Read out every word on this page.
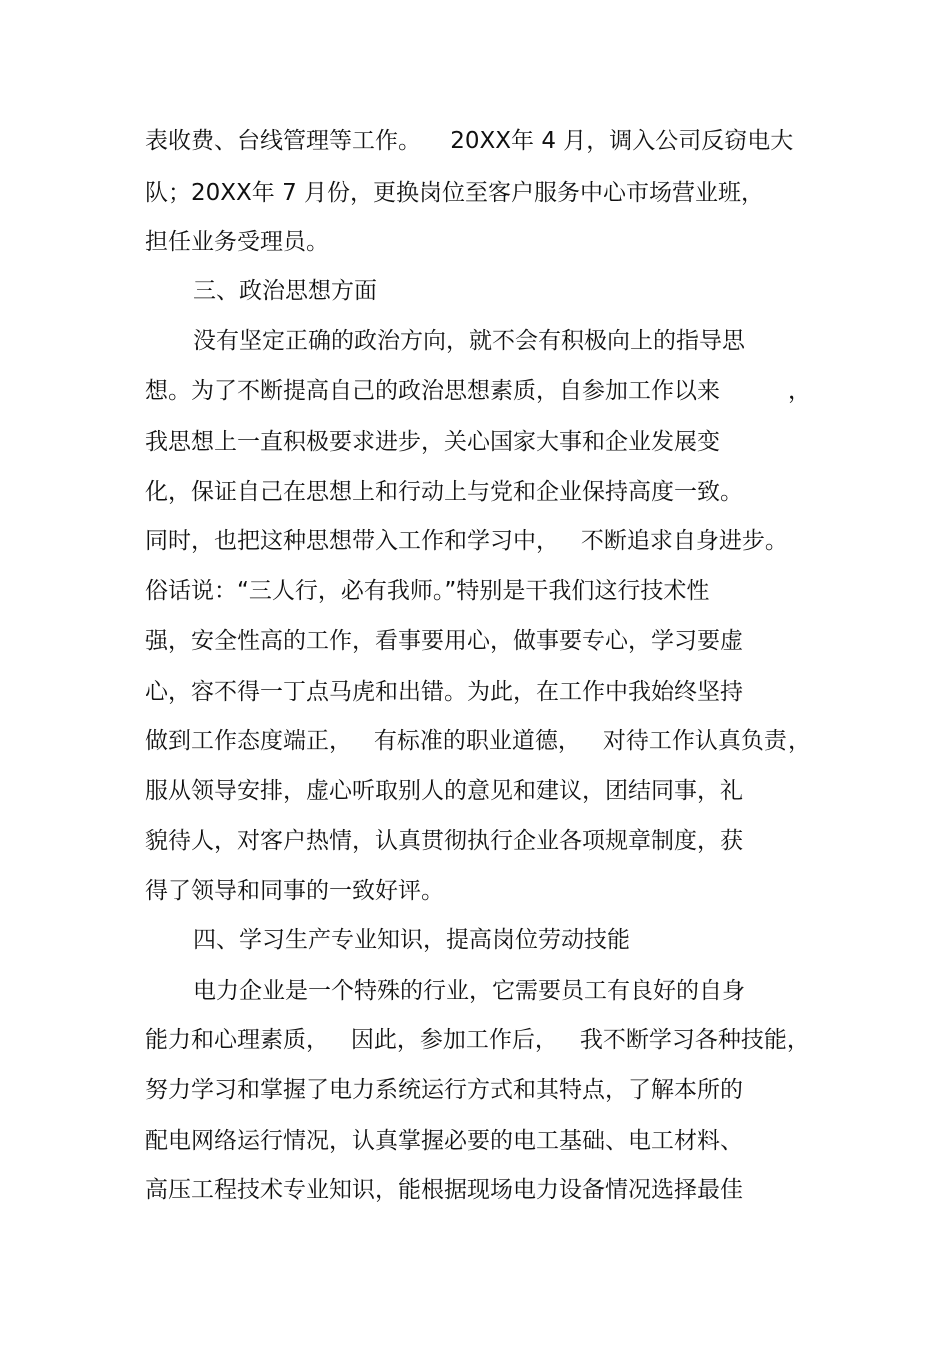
表收费、台线管理等工作。    20XX年 4 月，调入公司反窃电大
队；20XX年 7 月份，更换岗位至客户服务中心市场营业班，
担任业务受理员。
三、政治思想方面
没有坚定正确的政治方向，就不会有积极向上的指导思
想。为了不断提高自己的政治思想素质，自参加工作以来	，
我思想上一直积极要求进步，关心国家大事和企业发展变
化，保证自己在思想上和行动上与党和企业保持高度一致。
同时，也把这种思想带入工作和学习中，   不断追求自身进步。
俗话说：“三人行，必有我师。”特别是干我们这行技术性
强，安全性高的工作，看事要用心，做事要专心，学习要虚
心，容不得一丁点马虎和出错。为此，在工作中我始终坚持
做到工作态度端正，   有标准的职业道德，   对待工作认真负责 ，
服从领导安排，虚心听取别人的意见和建议，团结同事，礼
貌待人，对客户热情，认真贯彻执行企业各项规章制度，获
得了领导和同事的一致好评。
四、学习生产专业知识，提高岗位劳动技能
电力企业是一个特殊的行业，它需要员工有良好的自身
能力和心理素质，   因此，参加工作后，   我不断学习各种技能，
努力学习和掌握了电力系统运行方式和其特点，了解本所的
配电网络运行情况，认真掌握必要的电工基础、电工材料、
高压工程技术专业知识，能根据现场电力设备情况选择最佳
